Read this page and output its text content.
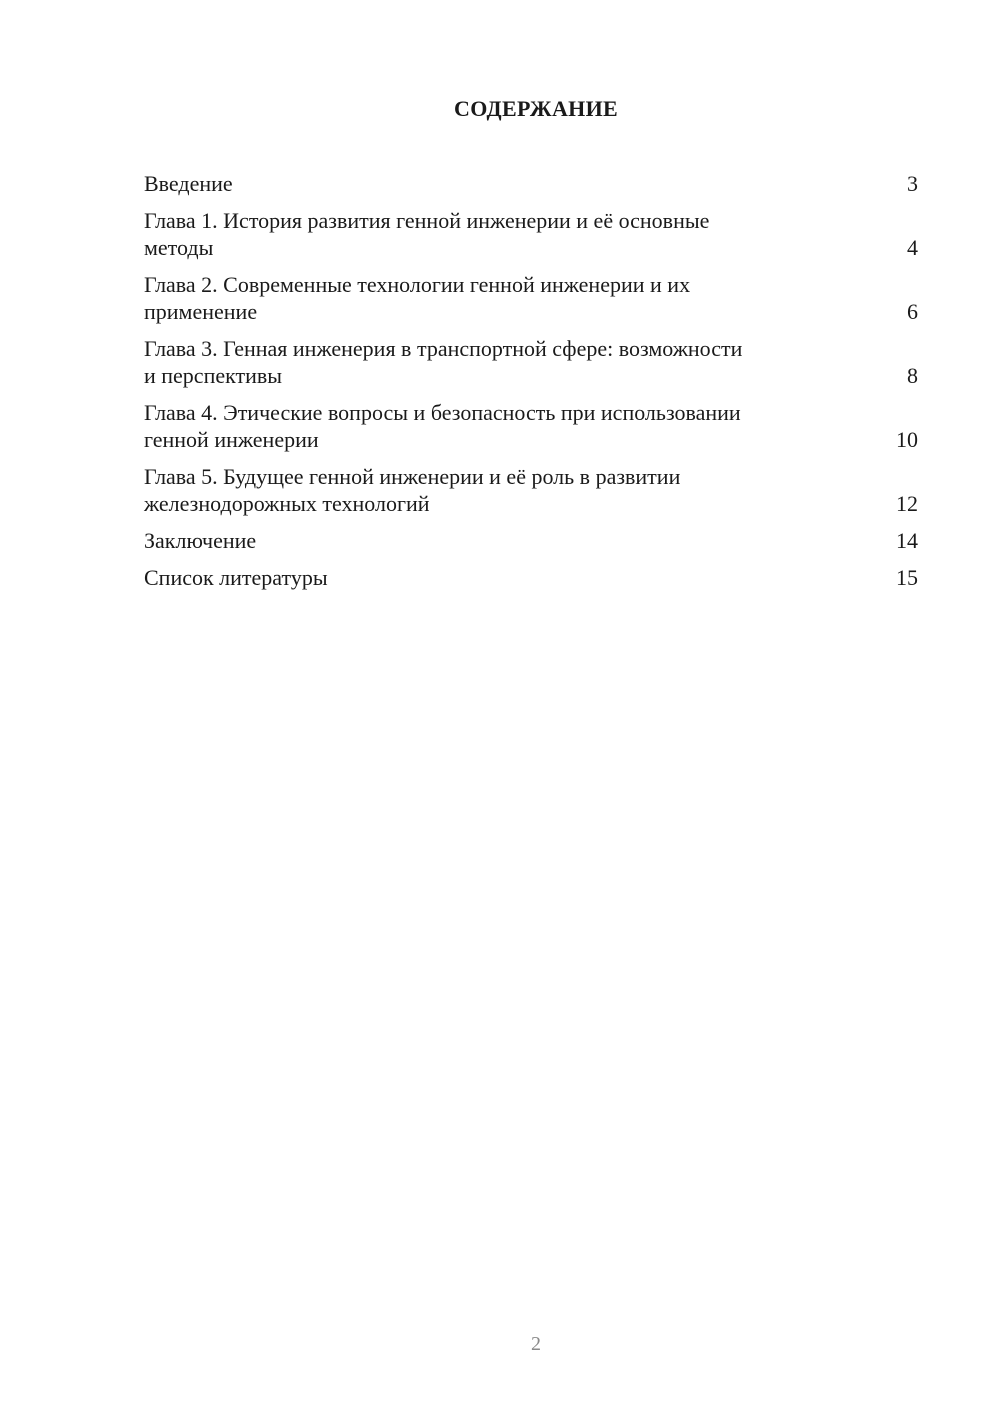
СОДЕРЖАНИЕ
Введение	3
Глава 1. История развития генной инженерии и её основные
методы	4
Глава 2. Современные технологии генной инженерии и их
применение	6
Глава 3. Генная инженерия в транспортной сфере: возможности
и перспективы	8
Глава 4. Этические вопросы и безопасность при использовании
генной инженерии	10
Глава 5. Будущее генной инженерии и её роль в развитии
железнодорожных технологий	12
Заключение	14
Список литературы	15
2
